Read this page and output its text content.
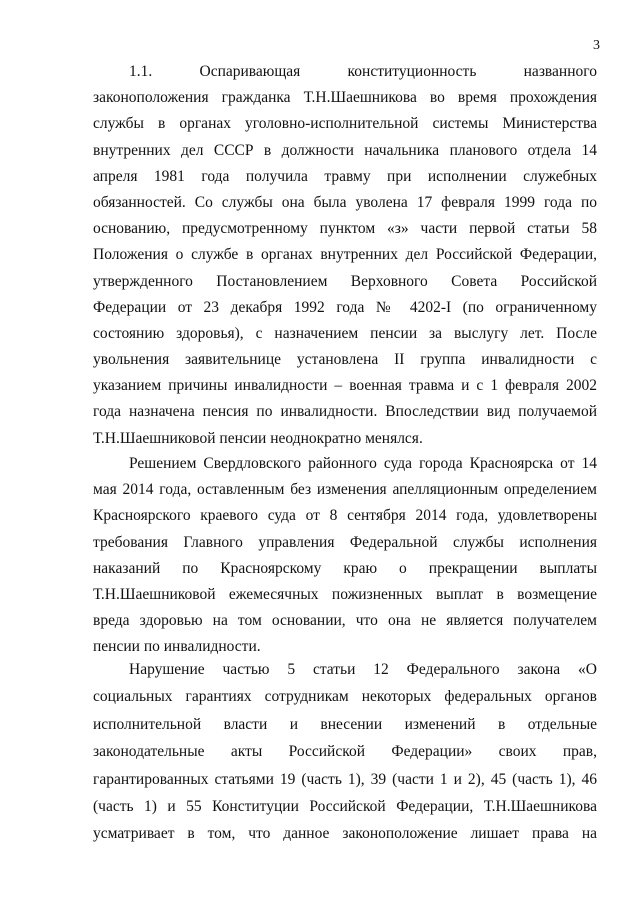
3
1.1. Оспаривающая конституционность названного
законоположения гражданка Т.Н.Шаешникова во время прохождения
службы в органах уголовно-исполнительной системы Министерства
внутренних дел СССР в должности начальника планового отдела 14
апреля 1981 года получила травму при исполнении служебных
обязанностей. Со службы она была уволена 17 февраля 1999 года по
основанию, предусмотренному пунктом «з» части первой статьи 58
Положения о службе в органах внутренних дел Российской Федерации,
утвержденного Постановлением Верховного Совета Российской
Федерации от 23 декабря 1992 года № 4202-I (по ограниченному
состоянию здоровья), с назначением пенсии за выслугу лет. После
увольнения заявительнице установлена II группа инвалидности с
указанием причины инвалидности – военная травма и с 1 февраля 2002
года назначена пенсия по инвалидности. Впоследствии вид получаемой
Т.Н.Шаешниковой пенсии неоднократно менялся.
Решением Свердловского районного суда города Красноярска от 14
мая 2014 года, оставленным без изменения апелляционным определением
Красноярского краевого суда от 8 сентября 2014 года, удовлетворены
требования Главного управления Федеральной службы исполнения
наказаний по Красноярскому краю о прекращении выплаты
Т.Н.Шаешниковой ежемесячных пожизненных выплат в возмещение
вреда здоровью на том основании, что она не является получателем
пенсии по инвалидности.
Нарушение частью 5 статьи 12 Федерального закона «О
социальных гарантиях сотрудникам некоторых федеральных органов
исполнительной власти и внесении изменений в отдельные
законодательные акты Российской Федерации» своих прав,
гарантированных статьями 19 (часть 1), 39 (части 1 и 2), 45 (часть 1), 46
(часть 1) и 55 Конституции Российской Федерации, Т.Н.Шаешникова
усматривает в том, что данное законоположение лишает права на
